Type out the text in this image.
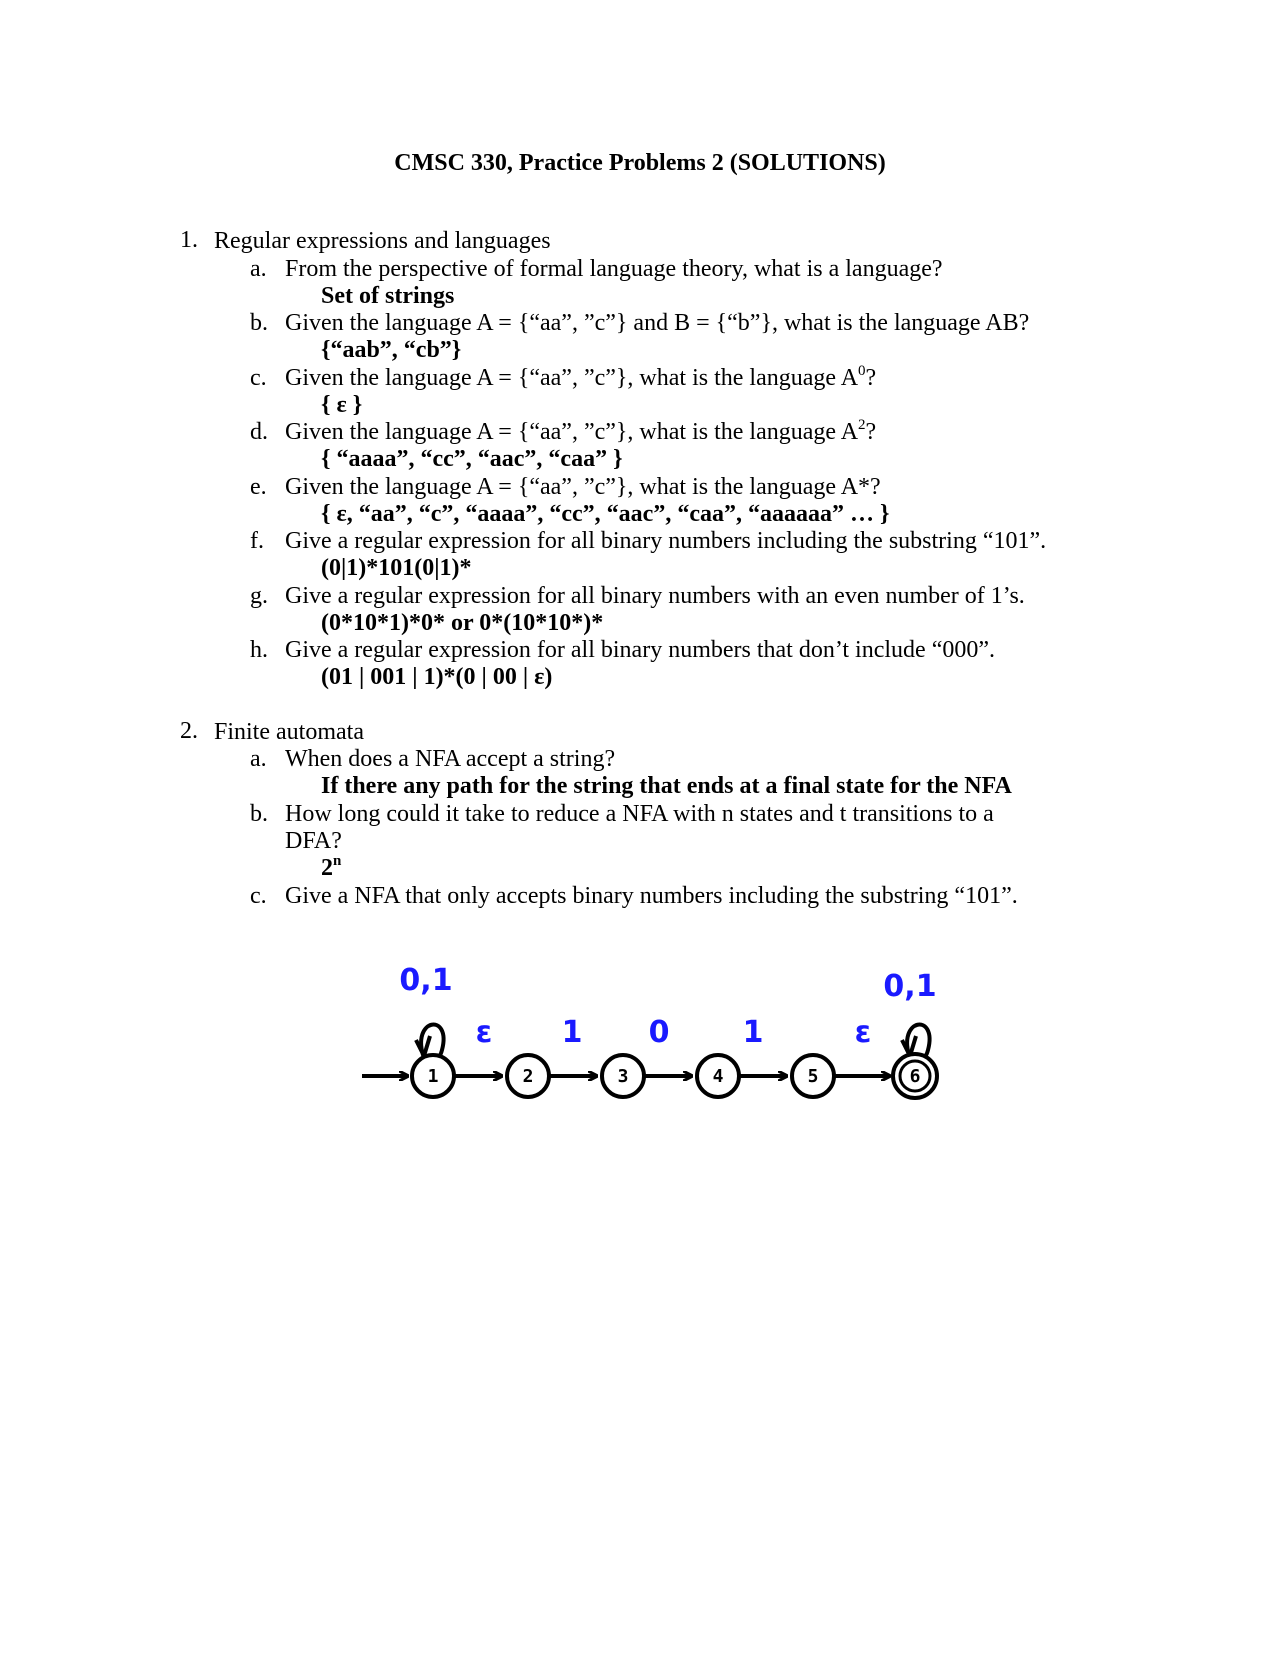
CMSC 330, Practice Problems 2 (SOLUTIONS)
1. Regular expressions and languages
a. From the perspective of formal language theory, what is a language?
Set of strings
b. Given the language A = {“aa”, ”c”} and B = {“b”}, what is the language AB?
{“aab”, “cb”}
c. Given the language A = {“aa”, ”c”}, what is the language $A^0$?
{ ε }
d. Given the language A = {“aa”, ”c”}, what is the language $A^2$?
{ “aaaa”, “cc”, “aac”, “caa” }
e. Given the language A = {“aa”, ”c”}, what is the language A*?
{ ε, “aa”, “c”, “aaaa”, “cc”, “aac”, “caa”, “aaaaaa” … }
f. Give a regular expression for all binary numbers including the substring “101”.
(0|1)*101(0|1)*
g. Give a regular expression for all binary numbers with an even number of 1’s.
(0*10*1)*0* or 0*(10*10*)*
h. Give a regular expression for all binary numbers that don’t include “000”.
(01 | 001 | 1)*(0 | 00 | ε)
2. Finite automata
a. When does a NFA accept a string?
If there any path for the string that ends at a final state for the NFA
b. How long could it take to reduce a NFA with n states and t transitions to a
DFA?
2$^n$
c. Give a NFA that only accepts binary numbers including the substring “101”.
0,1	0,1
ε 1 0 1	ε
1	2	3	4	5	6
